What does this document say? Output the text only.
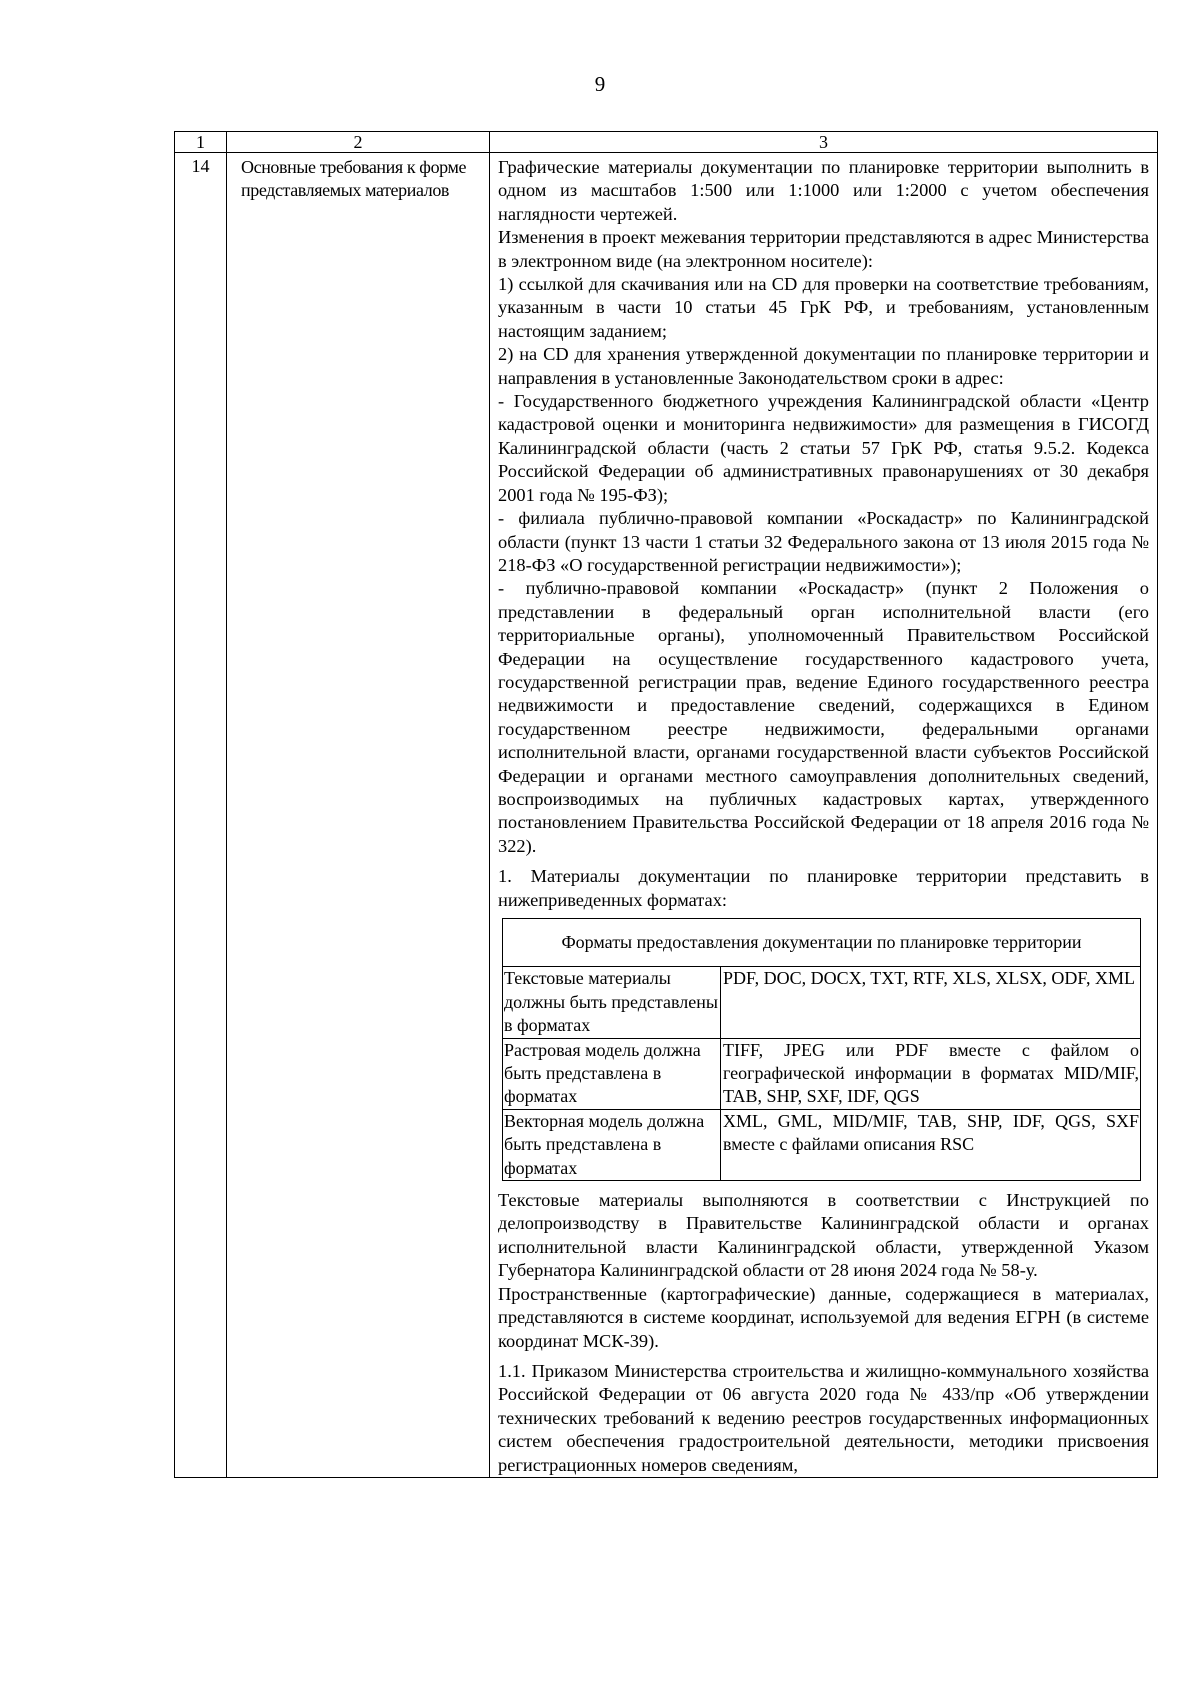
9
1	2	3
14	Основные требования к форме представляемых материалов	

Графические материалы документации по планировке территории выполнить в одном из масштабов 1:500 или 1:1000 или 1:2000 с учетом обеспечения наглядности чертежей.

Изменения в проект межевания территории представляются в адрес Министерства в электронном виде (на электронном носителе):

1) ссылкой для скачивания или на CD для проверки на соответствие требованиям, указанным в части 10 статьи 45 ГрК РФ, и требованиям, установленным настоящим заданием;

2) на CD для хранения утвержденной документации по планировке территории и направления в установленные Законодательством сроки в адрес:

- Государственного бюджетного учреждения Калининградской области «Центр кадастровой оценки и мониторинга недвижимости» для размещения в ГИСОГД Калининградской области (часть 2 статьи 57 ГрК РФ, статья 9.5.2. Кодекса Российской Федерации об административных правонарушениях от 30 декабря 2001 года № 195-ФЗ);

- филиала публично-правовой компании «Роскадастр» по Калининградской области (пункт 13 части 1 статьи 32 Федерального закона от 13 июля 2015 года № 218-ФЗ «О государственной регистрации недвижимости»);

- публично-правовой компании «Роскадастр» (пункт 2 Положения о представлении в федеральный орган исполнительной власти (его территориальные органы), уполномоченный Правительством Российской Федерации на осуществление государственного кадастрового учета, государственной регистрации прав, ведение Единого государственного реестра недвижимости и предоставление сведений, содержащихся в Едином государственном реестре недвижимости, федеральными органами исполнительной власти, органами государственной власти субъектов Российской Федерации и органами местного самоуправления дополнительных сведений, воспроизводимых на публичных кадастровых картах, утвержденного постановлением Правительства Российской Федерации от 18 апреля 2016 года № 322).

1. Материалы документации по планировке территории представить в нижеприведенных форматах:

Форматы предоставления документации по планировке территории
Текстовые материалы должны быть представлены в форматах	PDF, DOC, DOCX, TXT, RTF, XLS, XLSX, ODF, XML
Растровая модель должна быть представлена в форматах	TIFF, JPEG или PDF вместе с файлом о географической информации в форматах MID/MIF, TAB, SHP, SXF, IDF, QGS
Векторная модель должна быть представлена в форматах	XML, GML, MID/MIF, TAB, SHP, IDF, QGS, SXF вместе с файлами описания RSC

Текстовые материалы выполняются в соответствии с Инструкцией по делопроизводству в Правительстве Калининградской области и органах исполнительной власти Калининградской области, утвержденной Указом Губернатора Калининградской области от 28 июня 2024 года № 58-у.

Пространственные (картографические) данные, содержащиеся в материалах, представляются в системе координат, используемой для ведения ЕГРН (в системе координат МСК-39).

1.1. Приказом Министерства строительства и жилищно-коммунального хозяйства Российской Федерации от 06 августа 2020 года № 433/пр «Об утверждении технических требований к ведению реестров государственных информационных систем обеспечения градостроительной деятельности, методики присвоения регистрационных номеров сведениям,
